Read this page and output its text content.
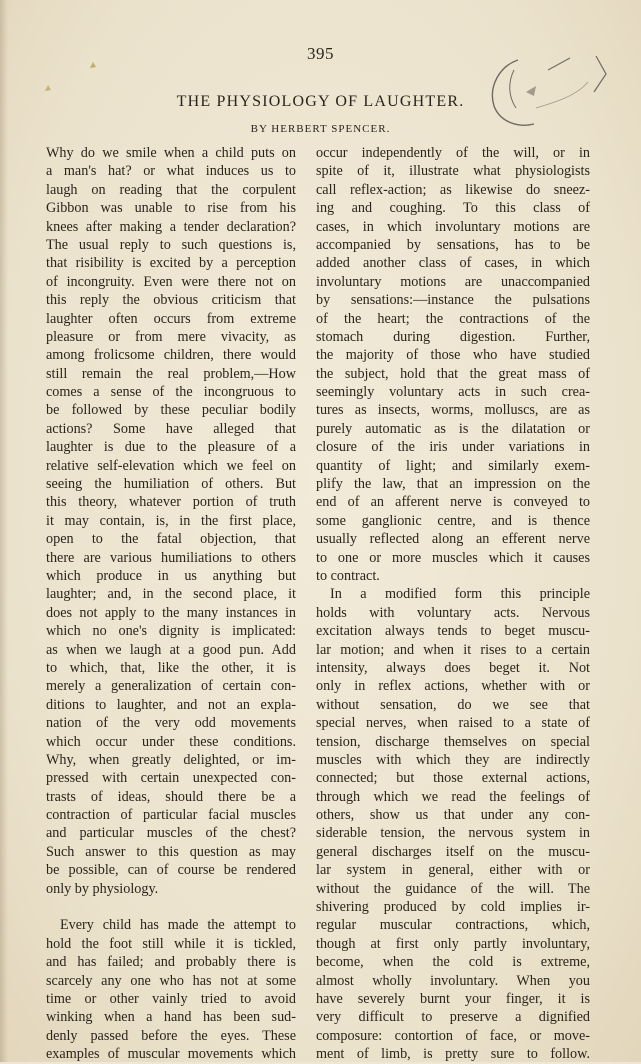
395
THE PHYSIOLOGY OF LAUGHTER.
BY HERBERT SPENCER.
Why do we smile when a child puts on
a man's hat? or what induces us to
laugh on reading that the corpulent
Gibbon was unable to rise from his
knees after making a tender declaration?
The usual reply to such questions is,
that risibility is excited by a perception
of incongruity. Even were there not on
this reply the obvious criticism that
laughter often occurs from extreme
pleasure or from mere vivacity, as
among frolicsome children, there would
still remain the real problem,—How
comes a sense of the incongruous to
be followed by these peculiar bodily
actions? Some have alleged that
laughter is due to the pleasure of a
relative self-elevation which we feel on
seeing the humiliation of others. But
this theory, whatever portion of truth
it may contain, is, in the first place,
open to the fatal objection, that
there are various humiliations to others
which produce in us anything but
laughter; and, in the second place, it
does not apply to the many instances in
which no one's dignity is implicated:
as when we laugh at a good pun. Add
to which, that, like the other, it is
merely a generalization of certain con-
ditions to laughter, and not an expla-
nation of the very odd movements
which occur under these conditions.
Why, when greatly delighted, or im-
pressed with certain unexpected con-
trasts of ideas, should there be a
contraction of particular facial muscles
and particular muscles of the chest?
Such answer to this question as may
be possible, can of course be rendered
only by physiology.
Every child has made the attempt to
hold the foot still while it is tickled,
and has failed; and probably there is
scarcely any one who has not at some
time or other vainly tried to avoid
winking when a hand has been sud-
denly passed before the eyes. These
examples of muscular movements which
occur independently of the will, or in
spite of it, illustrate what physiologists
call reflex-action; as likewise do sneez-
ing and coughing. To this class of
cases, in which involuntary motions are
accompanied by sensations, has to be
added another class of cases, in which
involuntary motions are unaccompanied
by sensations:—instance the pulsations
of the heart; the contractions of the
stomach during digestion. Further,
the majority of those who have studied
the subject, hold that the great mass of
seemingly voluntary acts in such crea-
tures as insects, worms, molluscs, are as
purely automatic as is the dilatation or
closure of the iris under variations in
quantity of light; and similarly exem-
plify the law, that an impression on the
end of an afferent nerve is conveyed to
some ganglionic centre, and is thence
usually reflected along an efferent nerve
to one or more muscles which it causes
to contract.
In a modified form this principle
holds with voluntary acts. Nervous
excitation always tends to beget muscu-
lar motion; and when it rises to a certain
intensity, always does beget it. Not
only in reflex actions, whether with or
without sensation, do we see that
special nerves, when raised to a state of
tension, discharge themselves on special
muscles with which they are indirectly
connected; but those external actions,
through which we read the feelings of
others, show us that under any con-
siderable tension, the nervous system in
general discharges itself on the muscu-
lar system in general, either with or
without the guidance of the will. The
shivering produced by cold implies ir-
regular muscular contractions, which,
though at first only partly involuntary,
become, when the cold is extreme,
almost wholly involuntary. When you
have severely burnt your finger, it is
very difficult to preserve a dignified
composure: contortion of face, or move-
ment of limb, is pretty sure to follow.
